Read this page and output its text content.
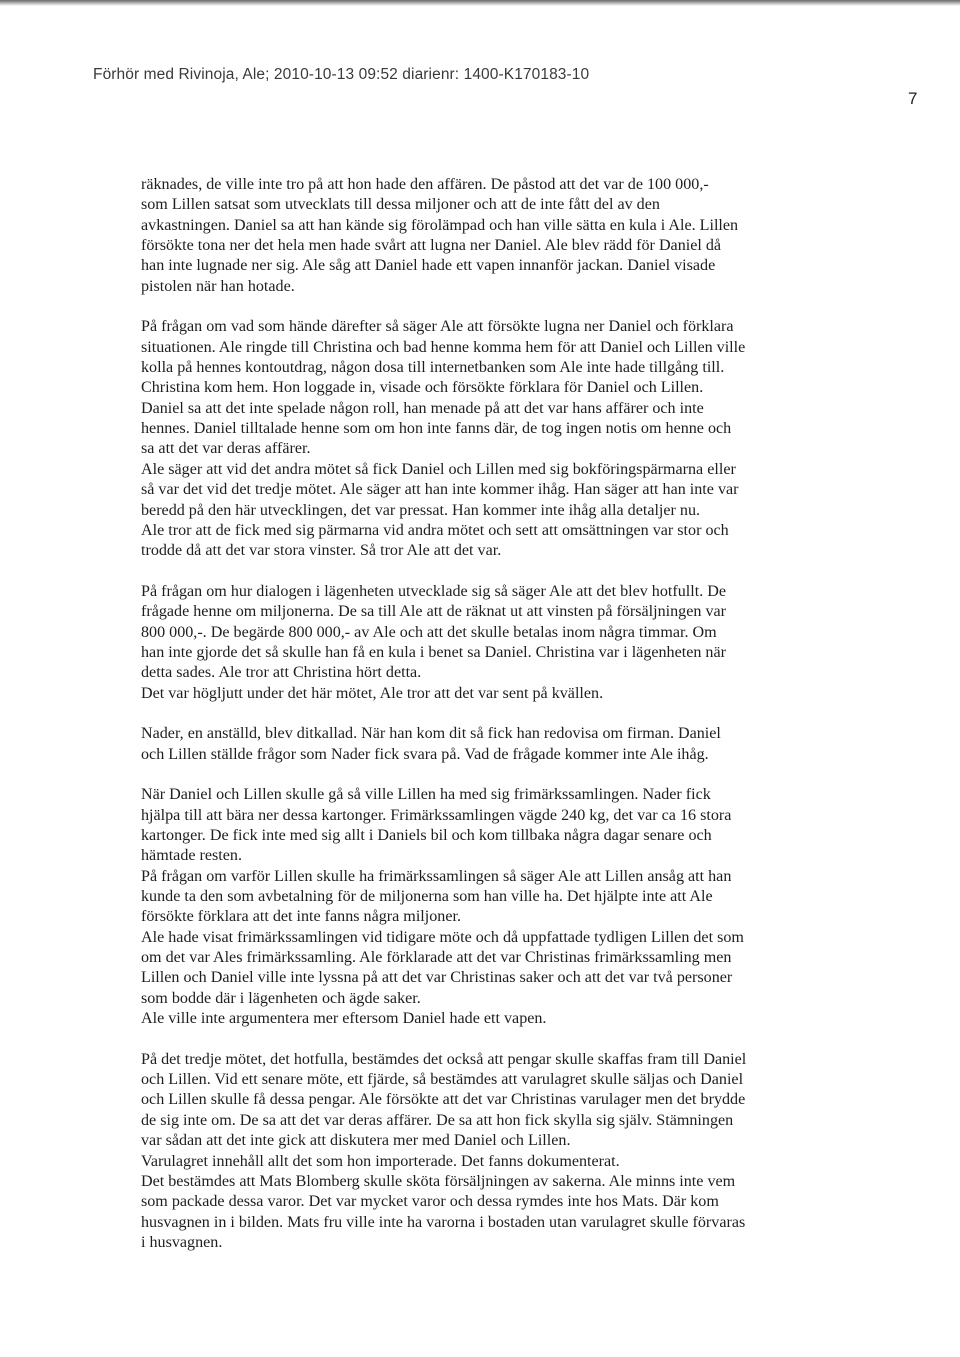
Förhör med Rivinoja, Ale; 2010-10-13 09:52 diarienr: 1400-K170183-10
7
räknades, de ville inte tro på att hon hade den affären. De påstod att det var de 100 000,-
som Lillen satsat som utvecklats till dessa miljoner och att de inte fått del av den
avkastningen. Daniel sa att han kände sig förolämpad och han ville sätta en kula i Ale. Lillen
försökte tona ner det hela men hade svårt att lugna ner Daniel. Ale blev rädd för Daniel då
han inte lugnade ner sig. Ale såg att Daniel hade ett vapen innanför jackan. Daniel visade
pistolen när han hotade.
På frågan om vad som hände därefter så säger Ale att försökte lugna ner Daniel och förklara
situationen. Ale ringde till Christina och bad henne komma hem för att Daniel och Lillen ville
kolla på hennes kontoutdrag, någon dosa till internetbanken som Ale inte hade tillgång till.
Christina kom hem. Hon loggade in, visade och försökte förklara för Daniel och Lillen.
Daniel sa att det inte spelade någon roll, han menade på att det var hans affärer och inte
hennes. Daniel tilltalade henne som om hon inte fanns där, de tog ingen notis om henne och
sa att det var deras affärer.
Ale säger att vid det andra mötet så fick Daniel och Lillen med sig bokföringspärmarna eller
så var det vid det tredje mötet. Ale säger att han inte kommer ihåg. Han säger att han inte var
beredd på den här utvecklingen, det var pressat. Han kommer inte ihåg alla detaljer nu.
Ale tror att de fick med sig pärmarna vid andra mötet och sett att omsättningen var stor och
trodde då att det var stora vinster. Så tror Ale att det var.
På frågan om hur dialogen i lägenheten utvecklade sig så säger Ale att det blev hotfullt. De
frågade henne om miljonerna. De sa till Ale att de räknat ut att vinsten på försäljningen var
800 000,-. De begärde 800 000,- av Ale och att det skulle betalas inom några timmar. Om
han inte gjorde det så skulle han få en kula i benet sa Daniel. Christina var i lägenheten när
detta sades. Ale tror att Christina hört detta.
Det var högljutt under det här mötet, Ale tror att det var sent på kvällen.
Nader, en anställd, blev ditkallad. När han kom dit så fick han redovisa om firman. Daniel
och Lillen ställde frågor som Nader fick svara på. Vad de frågade kommer inte Ale ihåg.
När Daniel och Lillen skulle gå så ville Lillen ha med sig frimärkssamlingen. Nader fick
hjälpa till att bära ner dessa kartonger. Frimärkssamlingen vägde 240 kg, det var ca 16 stora
kartonger. De fick inte med sig allt i Daniels bil och kom tillbaka några dagar senare och
hämtade resten.
På frågan om varför Lillen skulle ha frimärkssamlingen så säger Ale att Lillen ansåg att han
kunde ta den som avbetalning för de miljonerna som han ville ha. Det hjälpte inte att Ale
försökte förklara att det inte fanns några miljoner.
Ale hade visat frimärkssamlingen vid tidigare möte och då uppfattade tydligen Lillen det som
om det var Ales frimärkssamling. Ale förklarade att det var Christinas frimärkssamling men
Lillen och Daniel ville inte lyssna på att det var Christinas saker och att det var två personer
som bodde där i lägenheten och ägde saker.
Ale ville inte argumentera mer eftersom Daniel hade ett vapen.
På det tredje mötet, det hotfulla, bestämdes det också att pengar skulle skaffas fram till Daniel
och Lillen. Vid ett senare möte, ett fjärde, så bestämdes att varulagret skulle säljas och Daniel
och Lillen skulle få dessa pengar. Ale försökte att det var Christinas varulager men det brydde
de sig inte om. De sa att det var deras affärer. De sa att hon fick skylla sig själv. Stämningen
var sådan att det inte gick att diskutera mer med Daniel och Lillen.
Varulagret innehåll allt det som hon importerade. Det fanns dokumenterat.
Det bestämdes att Mats Blomberg skulle sköta försäljningen av sakerna. Ale minns inte vem
som packade dessa varor. Det var mycket varor och dessa rymdes inte hos Mats. Där kom
husvagnen in i bilden. Mats fru ville inte ha varorna i bostaden utan varulagret skulle förvaras
i husvagnen.
